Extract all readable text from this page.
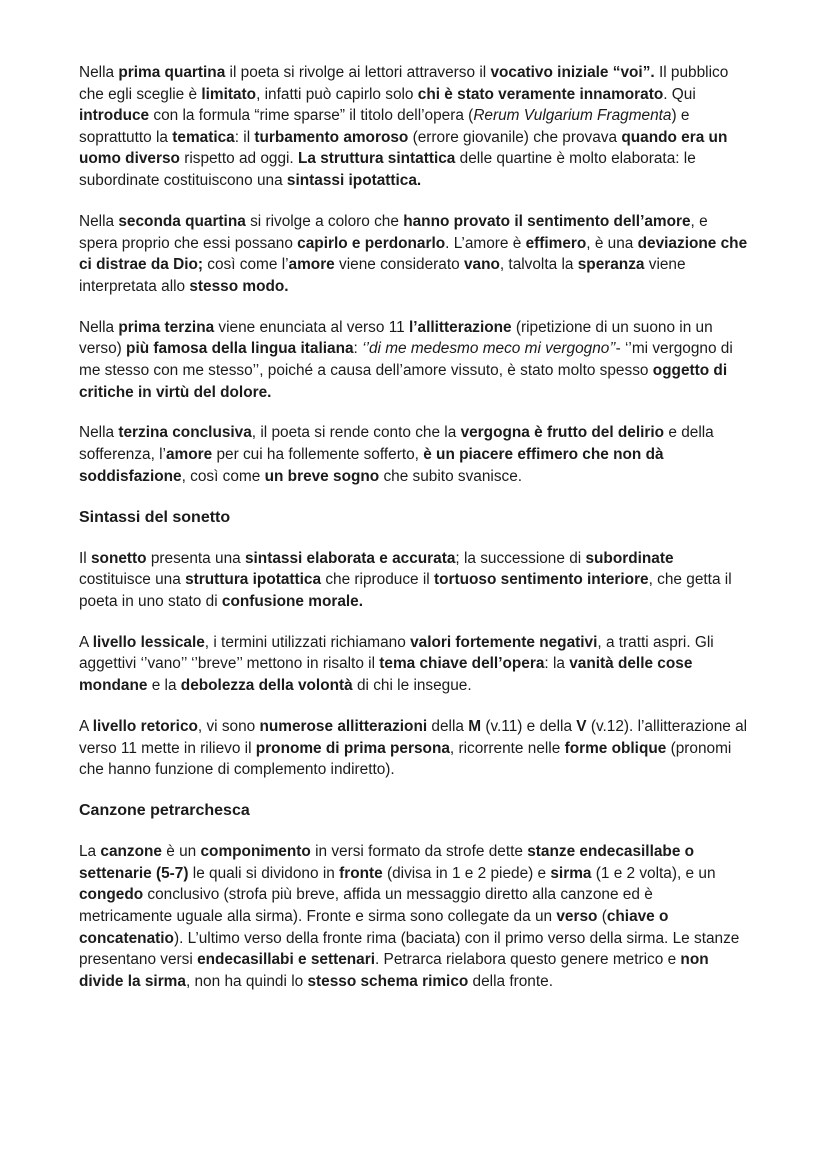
Nella prima quartina il poeta si rivolge ai lettori attraverso il vocativo iniziale “voi”. Il pubblico che egli sceglie è limitato, infatti può capirlo solo chi è stato veramente innamorato. Qui introduce con la formula “rime sparse” il titolo dell’opera (Rerum Vulgarium Fragmenta) e soprattutto la tematica: il turbamento amoroso (errore giovanile) che provava quando era un uomo diverso rispetto ad oggi. La struttura sintattica delle quartine è molto elaborata: le subordinate costituiscono una sintassi ipotattica.

Nella seconda quartina si rivolge a coloro che hanno provato il sentimento dell’amore, e spera proprio che essi possano capirlo e perdonarlo. L’amore è effimero, è una deviazione che ci distrae da Dio; così come l’amore viene considerato vano, talvolta la speranza viene interpretata allo stesso modo.

Nella prima terzina viene enunciata al verso 11 l’allitterazione (ripetizione di un suono in un verso) più famosa della lingua italiana: ‘’di me medesmo meco mi vergogno’’- ‘’mi vergogno di me stesso con me stesso’’, poiché a causa dell’amore vissuto, è stato molto spesso oggetto di critiche in virtù del dolore.

Nella terzina conclusiva, il poeta si rende conto che la vergogna è frutto del delirio e della sofferenza, l’amore per cui ha follemente sofferto, è un piacere effimero che non dà soddisfazione, così come un breve sogno che subito svanisce.

Sintassi del sonetto

Il sonetto presenta una sintassi elaborata e accurata; la successione di subordinate costituisce una struttura ipotattica che riproduce il tortuoso sentimento interiore, che getta il poeta in uno stato di confusione morale.

A livello lessicale, i termini utilizzati richiamano valori fortemente negativi, a tratti aspri. Gli aggettivi ‘’vano’’ ‘’breve’’ mettono in risalto il tema chiave dell’opera: la vanità delle cose mondane e la debolezza della volontà di chi le insegue.

A livello retorico, vi sono numerose allitterazioni della M (v.11) e della V (v.12). l’allitterazione al verso 11 mette in rilievo il pronome di prima persona, ricorrente nelle forme oblique (pronomi che hanno funzione di complemento indiretto).

Canzone petrarchesca

La canzone è un componimento in versi formato da strofe dette stanze endecasillabe o settenarie (5-7) le quali si dividono in fronte (divisa in 1 e 2 piede) e sirma (1 e 2 volta), e un congedo conclusivo (strofa più breve, affida un messaggio diretto alla canzone ed è metricamente uguale alla sirma). Fronte e sirma sono collegate da un verso (chiave o concatenatio). L’ultimo verso della fronte rima (baciata) con il primo verso della sirma. Le stanze presentano versi endecasillabi e settenari. Petrarca rielabora questo genere metrico e non divide la sirma, non ha quindi lo stesso schema rimico della fronte.
